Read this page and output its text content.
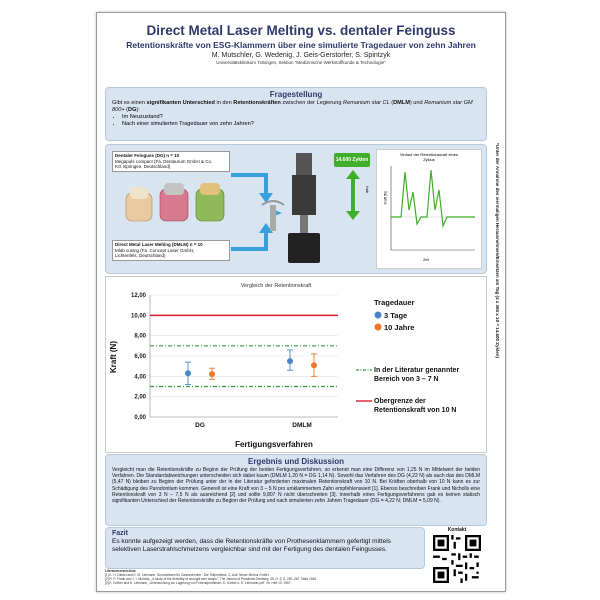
Direct Metal Laser Melting vs. dentaler Feinguss
Retentionskräfte von ESG-Klammern über eine simulierte Tragedauer von zehn Jahren
M. Mutschler, G. Wedenig, J. Geis-Gerstorfer, S. Spintzyk
Universitätsklinikum Tübingen, Sektion "Medizinische Werkstoffkunde & Technologie"
Fragestellung

Gibt es einen signifikanten Unterschied in den Retentionskräften zwischen der Legierung Remanium star CL (DMLM) und Remanium star GM 800+ (DG):

• Im Neuzustand?
• Nach einer simulierten Tragedauer von zehn Jahren?
Dentaler Feinguss (DG) n = 10
Megapuls compact (Fa. Dentaurum GmbH & Co.
KG Ispringen, Deutschland)
Direct Metal Laser Melting (DMLM) n = 10
Mlab cusing (Fa. Concept Laser GmbH,
Lichtenfels, Deutschland)
14.600 Zyklen
Hub
Verlauf der Retentionskraft eines
Zyklus
Kraft [N]
Zeit
Vergleich der Retentionskraft
0,00
2,00
4,00
6,00
8,00
10,00
12,00
DG	DMLM
Fertigungsverfahren
Kraft (N)
Tragedauer
3 Tage
10 Jahre
In der Literatur genannter
Bereich von 3 – 7 N
Obergrenze der
Retentionskraft von 10 N
Ergebnis und Diskussion

Vergleicht man die Retentionskräfte zu Beginn der Prüfung der beiden Fertigungsverfahren, so erkennt man eine Differenz von 1,25 N im Mittelwert der beiden Verfahren. Die Standardabweichungen unterscheiden sich dabei kaum (DMLM 1,20 N = DG 1,14 N). Sowohl das Verfahren des DG (4,22 N) als auch das des DMLM (5,47 N) bleiben zu Beginn der Prüfung unter der in der Literatur geforderten maximalen Retentionskraft von 10 N. Bei Kräften oberhalb von 10 N kann es zur Schädigung des Parodontium kommen. Generell ist eine Kraft von 3 – 5 N pro umklammertem Zahn empfehlenswert [1]. Ebenso beschreiben Frank und Nicholls eine Retentionskraft von 3 N – 7,5 N als ausreichend [2] und sollte 9,807 N nicht überschreiten [3]. Innerhalb eines Fertigungsverfahrens gab es keinen statisch signifikanten Unterschied der Retentionskräfte zu Beginn der Prüfung und nach simulierten zehn Jahren Tragedauer (DG = 4,22 N; DMLM = 5,09 N).

Fazit

Es konnte aufgezeigt werden, dass die Retentionskräfte von Prothesenklammern gefertigt mittels selektiven Laserstrahlschmelzens vergleichbar sind mit der Fertigung des dentalen Feingusses.

Kontakt
Literaturverzeichnis:
[1] K. H. Diedel and K. M. Lehmann, Grundwissen für Zahntechniker : Die Teilprothese, 2. Aufl. Neuer Merkur GmbH.
[2] R. P. Frank and J. I. Nicholls, „A study of the flexibility of wrought wire clasps", The Journal of Prosthetic Dentistry, 45, H. 3, S. 259–267, März 1981.
[3] E. Körber and K. Lehmann, „Untersuchung zur Lagerung von Freiendprothesen, E. Körber u. K. Lehmann.pdf", Nr. Heft 10, 1967.
*Unter der Annahme des viermaligen Herausnehmen/Einsetzen am Tag (4 x 365 x 10 = 14.600 Zyklen)
